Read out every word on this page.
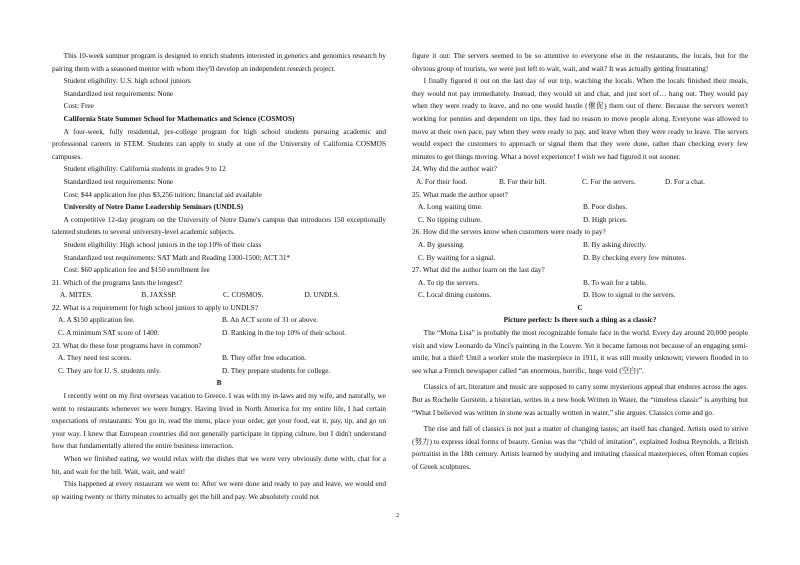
This 10-week summer program is designed to enrich students interested in genetics and genomics research by pairing them with a seasoned mentor with whom they'll develop an independent research project.

Student eligibility: U.S. high school juniors

Standardized test requirements: None

Cost: Free

California State Summer School for Mathematics and Science (COSMOS)

A four-week, fully residential, pre-college program for high school students pursuing academic and professional careers in STEM. Students can apply to study at one of the University of California COSMOS campuses.

Student eligibility: California students in grades 9 to 12

Standardized test requirements: None

Cost: $44 application fee plus $3,256 tuition; financial aid available

University of Notre Dame Leadership Seminars (UNDLS)

A competitive 12-day program on the University of Notre Dame's campus that introduces 150 exceptionally talented students to several university-level academic subjects.

Student eligibility: High school juniors in the top 10% of their class

Standardized test requirements: SAT Math and Reading 1300-1500; ACT 31*

Cost: $60 application fee and $150 enrollment fee

21. Which of the programs lasts the longest?

A. MITES.	B. JAXSSP.	C. COSMOS.	D. UNDLS.

22. What is a requirement for high school juniors to apply to UNDLS?

A. A $150 application fee.	B. An ACT score of 31 or above.
C. A minimum SAT score of 1400.	D. Ranking in the top 10% of their school.

23. What do these four programs have in common?

A. They need test scores.	B. They offer free education.
C. They are for U. S. students only.	D. They prepare students for college.

B

I recently went on my first overseas vacation to Greece. I was with my in-laws and my wife, and naturally, we went to restaurants whenever we were hungry. Having lived in North America for my entire life, I had certain expectations of restaurants: You go in, read the menu, place your order, get your food, eat it, pay, tip, and go on your way. I knew that European countries did not generally participate in tipping culture, but I didn't understand how that fundamentally altered the entire business interaction.

When we finished eating, we would relax with the dishes that we were very obviously done with, chat for a bit, and wait for the bill. Wait, wait, and wait!

This happened at every restaurant we went to: After we were done and ready to pay and leave, we would end up waiting twenty or thirty minutes to actually get the bill and pay. We absolutely could not

figure it out: The servers seemed to be so attentive to everyone else in the restaurants, the locals, but for the obvious group of tourists, we were just left to wait, wait, and wait? It was actually getting frustrating!

I finally figured it out on the last day of our trip, watching the locals. When the locals finished their meals, they would not pay immediately. Instead, they would sit and chat, and just sort of… hang out. They would pay when they were ready to leave, and no one would hustle (催促) them out of there. Because the servers weren't working for pennies and dependent on tips, they had no reason to move people along. Everyone was allowed to move at their own pace, pay when they were ready to pay, and leave when they were ready to leave. The servers would expect the customers to approach or signal them that they were done, rather than checking every few minutes to get things moving. What a novel experience! I wish we had figured it out sooner.

24. Why did the author wait?

A. For their food.	B. For their bill.	C. For the servers.	D. For a chat.

25. What made the author upset?

A. Long waiting time.	B. Poor dishes.
C. No tipping culture.	D. High prices.

26. How did the servers know when customers were ready to pay?

A. By guessing.	B. By asking directly.
C. By waiting for a signal.	D. By checking every few minutes.

27. What did the author learn on the last day?

A. To tip the servers.	B. To wait for a table.
C. Local dining customs.	D. How to signal to the servers.

C

Picture perfect: Is there such a thing as a classic?

The “Mona Lisa” is probably the most recognizable female face in the world. Every day around 20,000 people visit and view Leonardo da Vinci's painting in the Louvre. Yet it became famous not because of an engaging semi-smile, but a thief! Until a worker stole the masterpiece in 1911, it was still mostly unknown; viewers flooded in to see what a French newspaper called “an enormous, horrific, huge void (空白)”.

Classics of art, literature and music are supposed to carry some mysterious appeal that endures across the ages. But as Rochelle Gurstein, a historian, writes in a new book Written in Water, the “timeless classic” is anything but “What I believed was written in stone was actually written in water,” she argues. Classics come and go.

The rise and fall of classics is not just a matter of changing tastes; art itself has changed. Artists used to strive (努力) to express ideal forms of beauty. Genius was the “child of imitation”, explained Joshua Reynolds, a British portraitist in the 18th century. Artists learned by studying and imitating classical masterpieces, often Roman copies of Greek sculptures.

2
